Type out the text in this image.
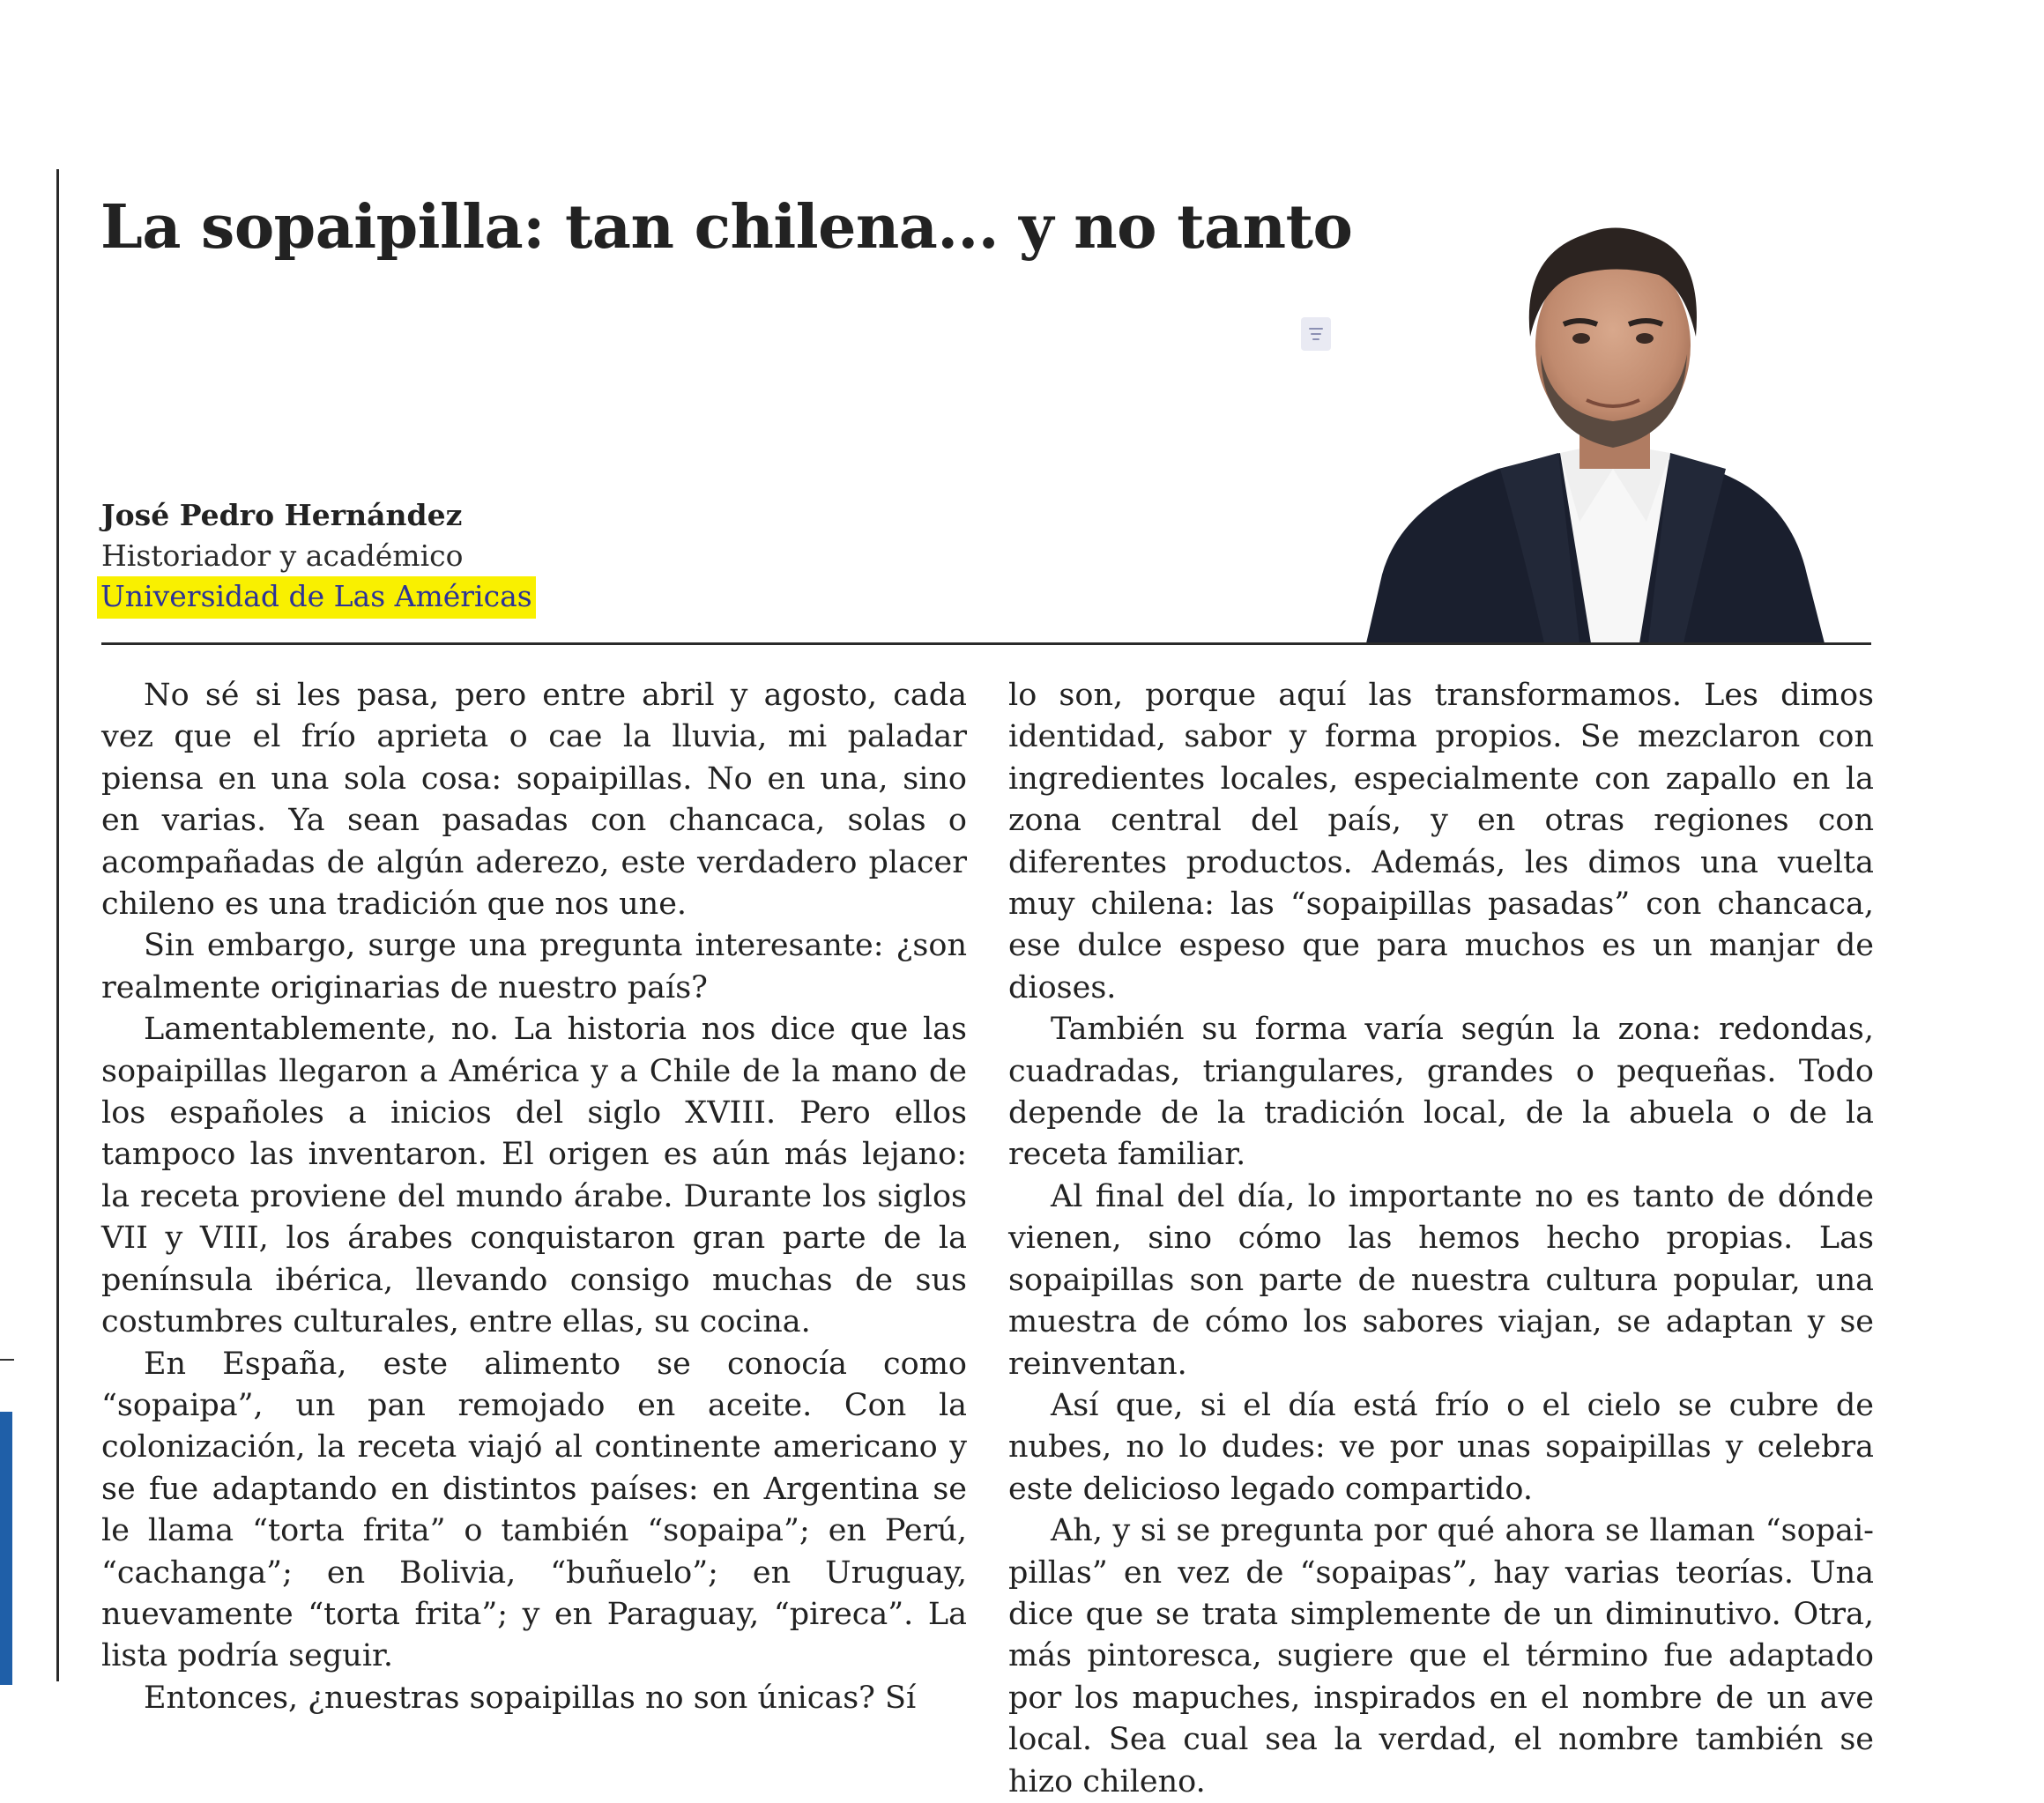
La sopaipilla: tan chilena... y no tanto
José Pedro Hernández
Historiador y académico
Universidad de Las Américas

No sé si les pasa, pero entre abril y agosto, cada vez que el frío aprieta o cae la lluvia, mi paladar piensa en una sola cosa: sopaipillas. No en una, sino en varias. Ya sean pasadas con chancaca, solas o acompañadas de algún aderezo, este verdadero placer chileno es una tradición que nos une.

Sin embargo, surge una pregunta interesante: ¿son realmente originarias de nuestro país?

Lamentablemente, no. La historia nos dice que las sopaipillas llegaron a América y a Chile de la mano de los españoles a inicios del siglo XVIII. Pero ellos tampoco las inventaron. El origen es aún más lejano: la receta proviene del mundo árabe. Durante los siglos VII y VIII, los árabes conquistaron gran parte de la península ibérica, llevando consigo muchas de sus costumbres culturales, entre ellas, su cocina.

En España, este alimento se conocía como “sopaipa”, un pan remojado en aceite. Con la colonización, la receta viajó al continente americano y se fue adaptando en distintos países: en Argentina se le llama “torta frita” o también “sopaipa”; en Perú, “cachanga”; en Bolivia, “buñuelo”; en Uruguay, nuevamente “torta frita”; y en Paraguay, “pireca”. La lista podría seguir.

Entonces, ¿nuestras sopaipillas no son únicas? Sí

lo son, porque aquí las transformamos. Les dimos identidad, sabor y forma propios. Se mezclaron con ingredientes locales, especialmente con zapallo en la zona central del país, y en otras regiones con diferentes productos. Además, les dimos una vuelta muy chilena: las “sopaipillas pasadas” con chancaca, ese dulce espeso que para muchos es un manjar de dioses.

También su forma varía según la zona: redondas, cuadradas, triangulares, grandes o pequeñas. Todo depende de la tradición local, de la abuela o de la receta familiar.

Al final del día, lo importante no es tanto de dónde vienen, sino cómo las hemos hecho propias. Las sopaipillas son parte de nuestra cultura popular, una muestra de cómo los sabores viajan, se adaptan y se reinventan.

Así que, si el día está frío o el cielo se cubre de nubes, no lo dudes: ve por unas sopaipillas y celebra este delicioso legado compartido.

Ah, y si se pregunta por qué ahora se llaman “sopaipillas” en vez de “sopaipas”, hay varias teorías. Una dice que se trata simplemente de un diminutivo. Otra, más pintoresca, sugiere que el término fue adaptado por los mapuches, inspirados en el nombre de un ave local. Sea cual sea la verdad, el nombre también se hizo chileno.
